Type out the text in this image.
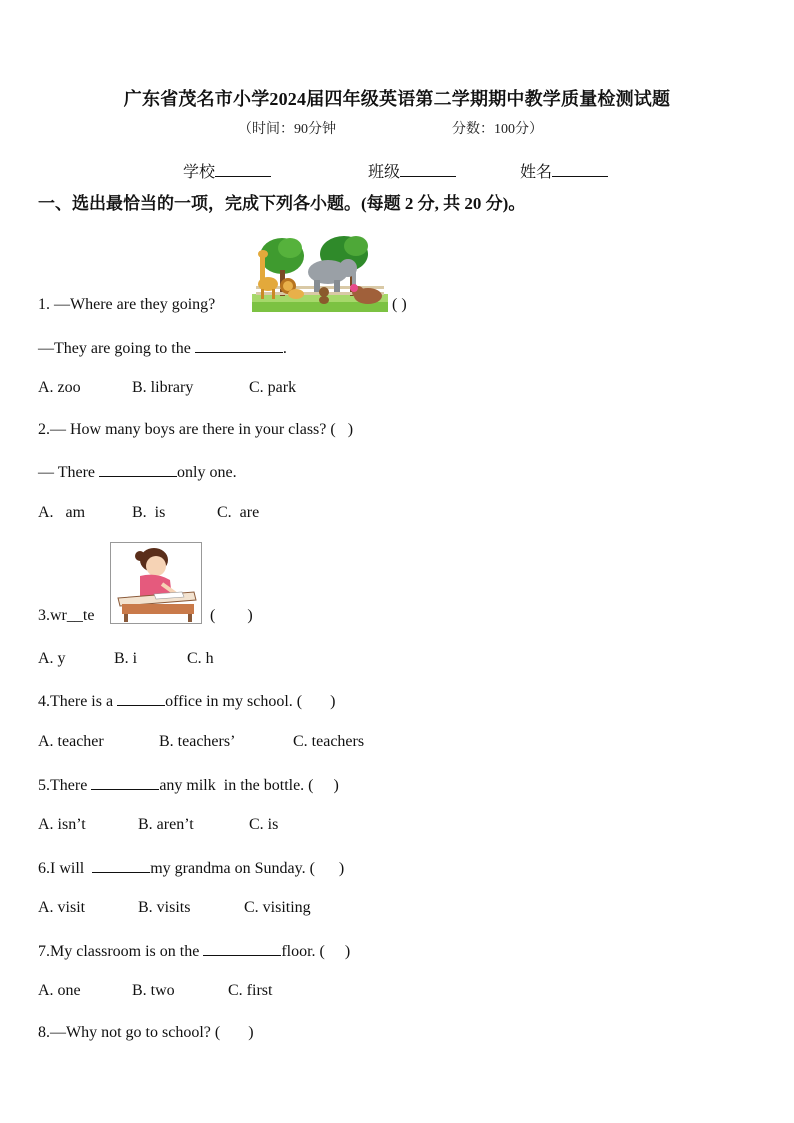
广东省茂名市小学2024届四年级英语第二学期期中教学质量检测试题
（时间：90分钟	分数：100分）
学校	班级	姓名
一、选出最恰当的一项，完成下列各小题。(每题 2 分, 共 20 分)。
1. —Where are they going?	( )
—They are going to the	.
A. zoo	B. library	C. park
2.— How many boys are there in your class? ( )
— There	only one.
A.   am	B.  is	C.  are
3.wr__te	(        )
A. y	B. i	C. h
4.There is a	office in my school. (       )
A. teacher	B. teachers’	C. teachers
5.There	any milk  in the bottle. (     )
A. isn’t	B. aren’t	C. is
6.I will	my grandma on Sunday. (      )
A. visit	B. visits	C. visiting
7.My classroom is on the	floor. (     )
A. one	B. two	C. first
8.—Why not go to school? (       )
